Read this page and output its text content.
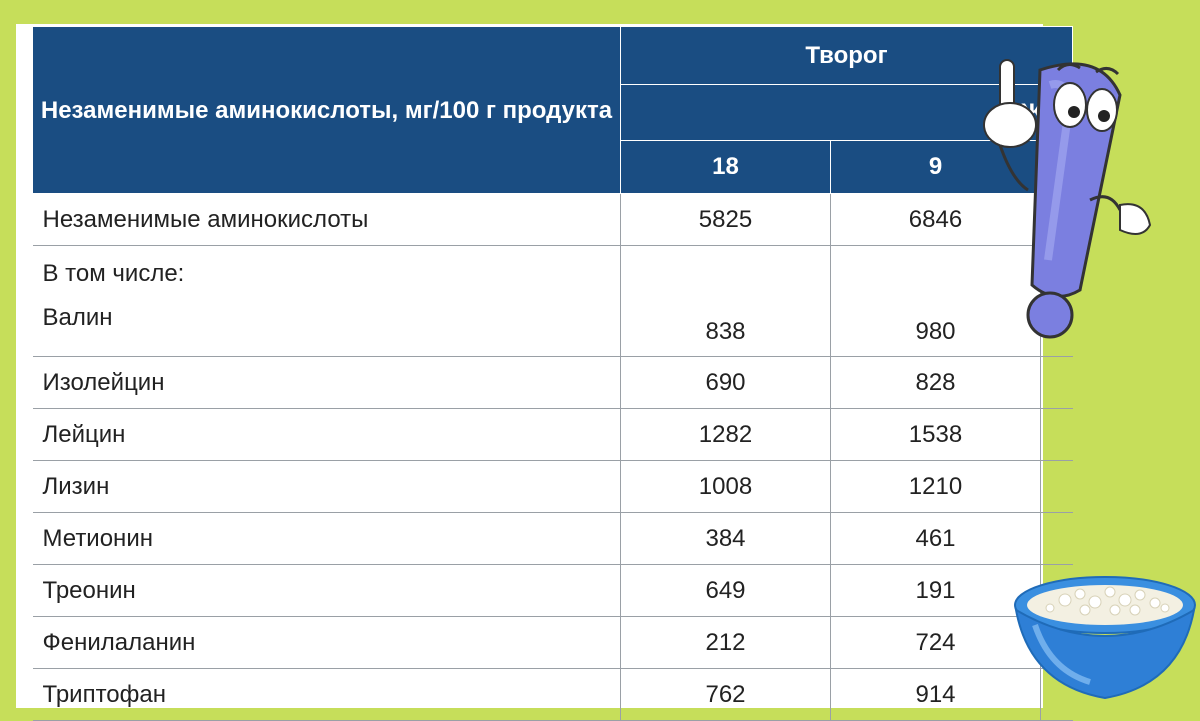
Незаменимые аминокислоты, мг/100 г продукта	Творог		

	18	9	
Незаменимые аминокислоты	5825	6846	

В том числе:
Валин	838	980	
Изолейцин	690	828	
Лейцин	1282	1538	
Лизин	1008	1210	
Метионин	384	461	
Треонин	649	191	
Фенилаланин	212	724	
Триптофан	762	914	
